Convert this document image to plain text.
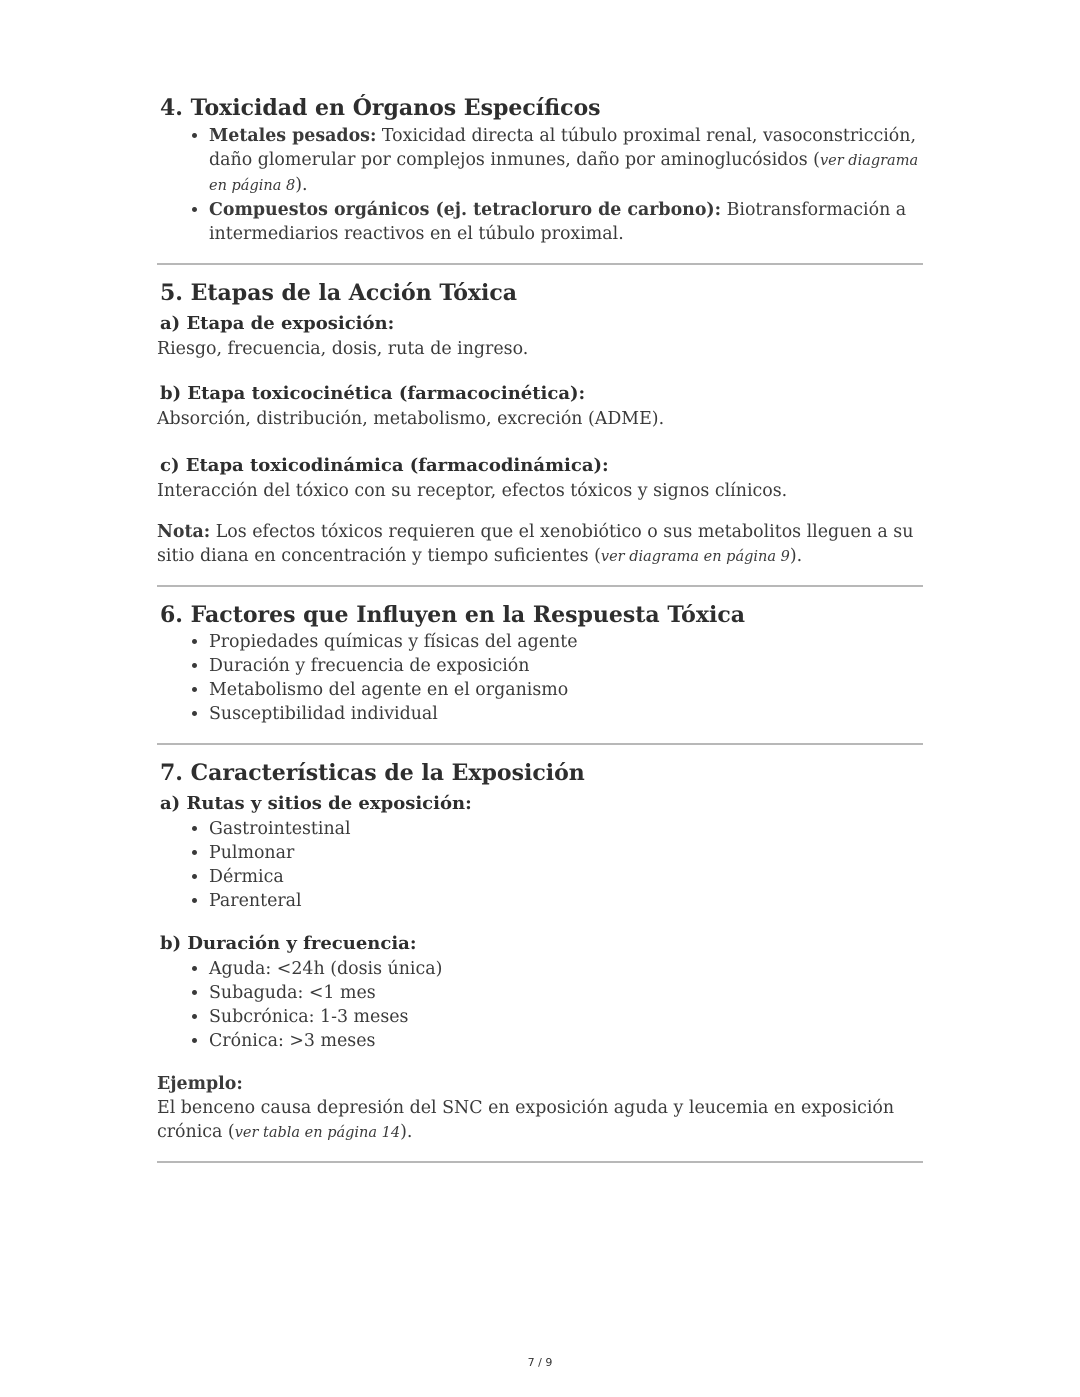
4. Toxicidad en Órganos Específicos
• Metales pesados: Toxicidad directa al túbulo proximal renal, vasoconstricción, daño glomerular por complejos inmunes, daño por aminoglucósidos (ver diagrama en página 8).
• Compuestos orgánicos (ej. tetracloruro de carbono): Biotransformación a intermediarios reactivos en el túbulo proximal.
5. Etapas de la Acción Tóxica
a) Etapa de exposición:

Riesgo, frecuencia, dosis, ruta de ingreso.

b) Etapa toxicocinética (farmacocinética):

Absorción, distribución, metabolismo, excreción (ADME).

c) Etapa toxicodinámica (farmacodinámica):

Interacción del tóxico con su receptor, efectos tóxicos y signos clínicos.

Nota: Los efectos tóxicos requieren que el xenobiótico o sus metabolitos lleguen a su sitio diana en concentración y tiempo suficientes (ver diagrama en página 9).

6. Factores que Influyen en la Respuesta Tóxica
• Propiedades químicas y físicas del agente
• Duración y frecuencia de exposición
• Metabolismo del agente en el organismo
• Susceptibilidad individual
7. Características de la Exposición
a) Rutas y sitios de exposición:
• Gastrointestinal
• Pulmonar
• Dérmica
• Parenteral
b) Duración y frecuencia:
• Aguda: <24h (dosis única)
• Subaguda: <1 mes
• Subcrónica: 1-3 meses
• Crónica: >3 meses

Ejemplo:

El benceno causa depresión del SNC en exposición aguda y leucemia en exposición crónica (ver tabla en página 14).

7 / 9
